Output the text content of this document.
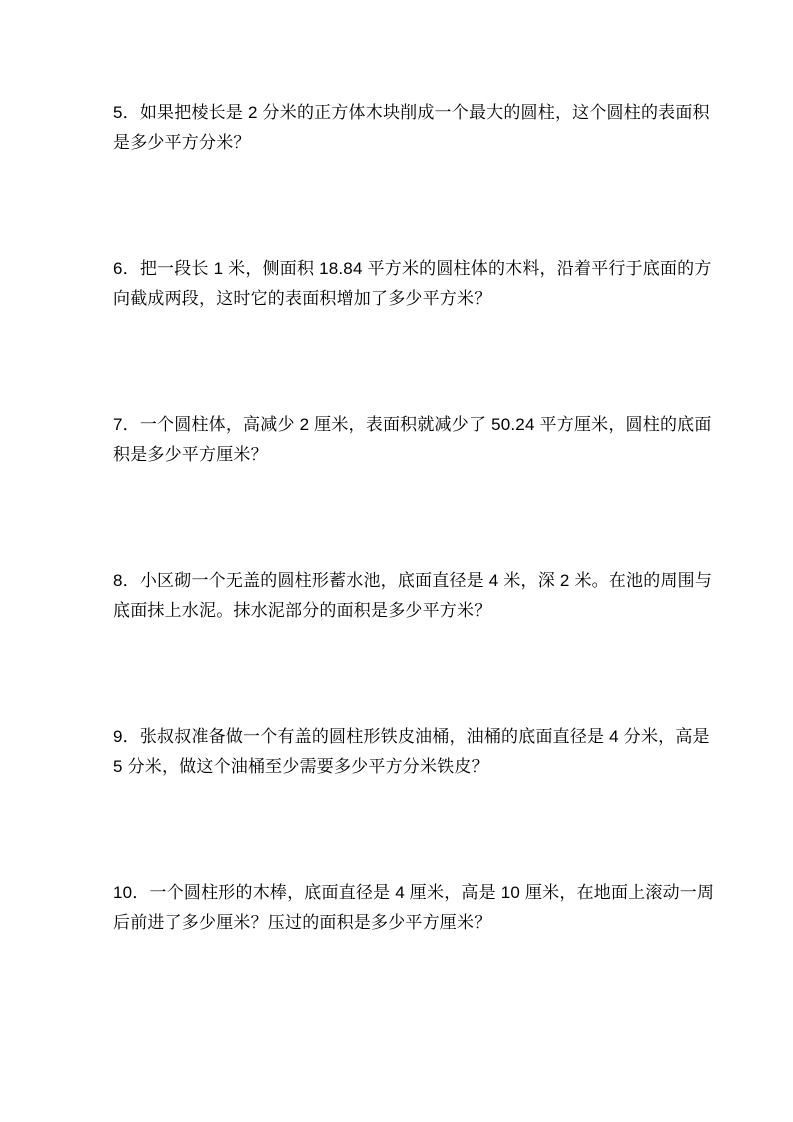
5．如果把棱长是 2 分米的正方体木块削成一个最大的圆柱，这个圆柱的表面积
是多少平方分米？
6．把一段长 1 米，侧面积 18.84 平方米的圆柱体的木料，沿着平行于底面的方
向截成两段，这时它的表面积增加了多少平方米？
7．一个圆柱体，高减少 2 厘米，表面积就减少了 50.24 平方厘米，圆柱的底面
积是多少平方厘米？
8．小区砌一个无盖的圆柱形蓄水池，底面直径是 4 米，深 2 米。在池的周围与
底面抹上水泥。抹水泥部分的面积是多少平方米？
9．张叔叔准备做一个有盖的圆柱形铁皮油桶，油桶的底面直径是 4 分米，高是
5 分米，做这个油桶至少需要多少平方分米铁皮？
10．一个圆柱形的木棒，底面直径是 4 厘米，高是 10 厘米，在地面上滚动一周
后前进了多少厘米？压过的面积是多少平方厘米？
